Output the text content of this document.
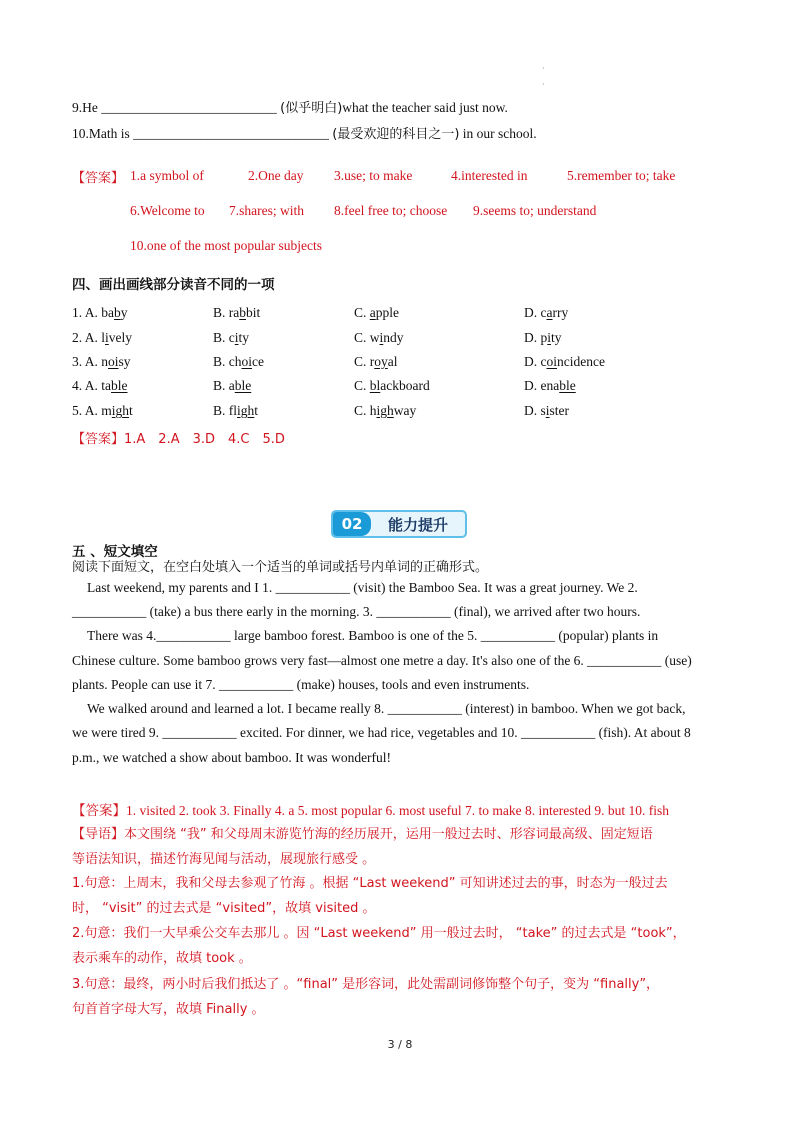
·
·
9.He __________________________ (似乎明白)what the teacher said just now.
10.Math is _____________________________ (最受欢迎的科目之一) in our school.
【答案】 1.a symbol of	2.One day 3.use; to make	4.interested in	5.remember to; take
6.Welcome to 7.shares; with 8.feel free to; choose 9.seems to; understand
10.one of the most popular subjects
四、画出画线部分读音不同的一项
1. A. baby	B. rabbit	C. apple	D. carry
2. A. lively	B. city	C. windy	D. pity
3. A. noisy	B. choice	C. royal	D. coincidence
4. A. table	B. able	C. blackboard	D. enable
5. A. might	B. flight	C. highway	D. sister
【答案】1.A　2.A　3.D　4.C　5.D
02	能力提升
五 、短文填空
阅读下面短文，在空白处填入一个适当的单词或括号内单词的正确形式。
Last weekend, my parents and I 1. ___________ (visit) the Bamboo Sea. It was a great journey. We 2.
___________ (take) a bus there early in the morning. 3. ___________ (final), we arrived after two hours.
There was 4.___________ large bamboo forest. Bamboo is one of the 5. ___________ (popular) plants in
Chinese culture. Some bamboo grows very fast—almost one metre a day. It's also one of the 6. ___________ (use)
plants. People can use it 7. ___________ (make) houses, tools and even instruments.
We walked around and learned a lot. I became really 8. ___________ (interest) in bamboo. When we got back,
we were tired 9. ___________ excited. For dinner, we had rice, vegetables and 10. ___________ (fish). At about 8
p.m., we watched a show about bamboo. It was wonderful!
【答案】1. visited 2. took 3. Finally 4. a 5. most popular 6. most useful 7. to make 8. interested 9. but 10. fish
【导语】本文围绕 “我” 和父母周末游览竹海的经历展开，运用一般过去时、形容词最高级、固定短语
等语法知识，描述竹海见闻与活动，展现旅行感受 。
1.句意：上周末，我和父母去参观了竹海 。根据 “Last weekend” 可知讲述过去的事，时态为一般过去
时， “visit” 的过去式是 “visited”，故填 visited 。
2.句意：我们一大早乘公交车去那儿 。因 “Last weekend” 用一般过去时， “take” 的过去式是 “took”，
表示乘车的动作，故填 took 。
3.句意：最终，两小时后我们抵达了 。“final” 是形容词，此处需副词修饰整个句子，变为 “finally”，
句首首字母大写，故填 Finally 。
3 / 8
